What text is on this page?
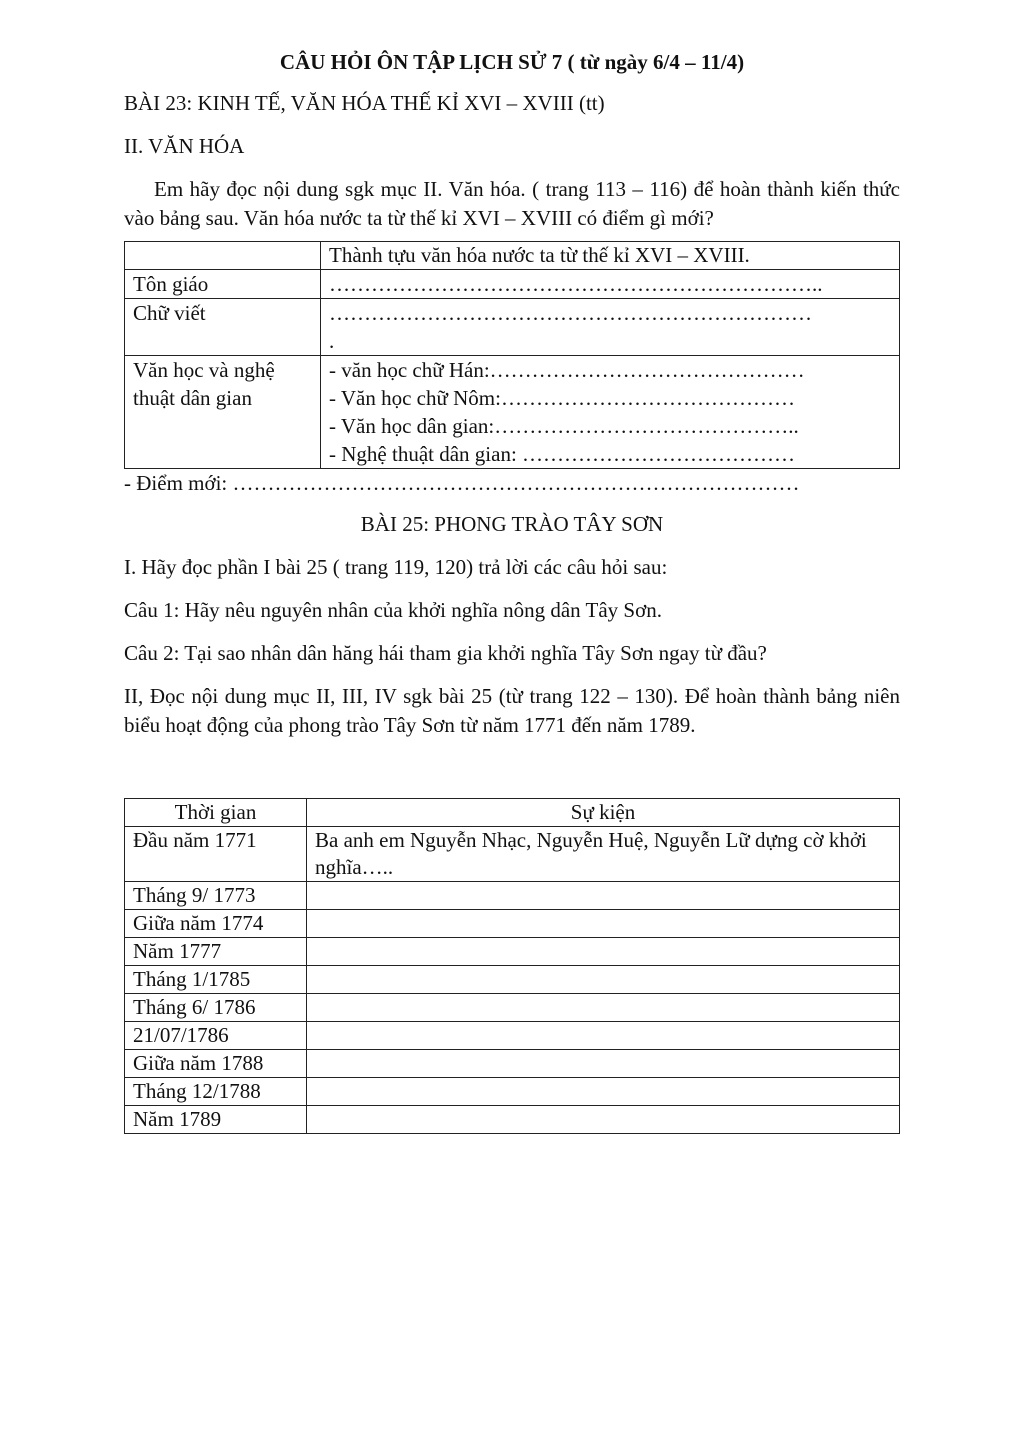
CÂU HỎI ÔN TẬP LỊCH SỬ 7 ( từ ngày 6/4 – 11/4)
BÀI 23: KINH TẾ, VĂN HÓA THẾ KỈ XVI – XVIII (tt)
II. VĂN HÓA
Em hãy đọc nội dung sgk mục II. Văn hóa. ( trang 113 – 116) để hoàn thành kiến thức vào bảng sau. Văn hóa nước ta từ thế kỉ XVI – XVIII có điểm gì mới?
	Thành tựu văn hóa nước ta từ thế kỉ XVI – XVIII.
Tôn giáo	……………………………………………………………..

Chữ viết	……………………………………………………………
.

Văn học và nghệ thuật dân gian	- văn học chữ Hán:………………………………………
- Văn học chữ Nôm:……………………………………
- Văn học dân gian:……………………………………..
- Nghệ thuật dân gian: …………………………………
- Điểm mới: ………………………………………………………………………
BÀI 25: PHONG TRÀO TÂY SƠN
I. Hãy đọc phần I bài 25 ( trang 119, 120) trả lời các câu hỏi sau:
Câu 1: Hãy nêu nguyên nhân của khởi nghĩa nông dân Tây Sơn.
Câu 2: Tại sao nhân dân hăng hái tham gia khởi nghĩa Tây Sơn ngay từ đầu?
II, Đọc nội dung mục II, III, IV sgk bài 25 (từ trang 122 – 130). Để hoàn thành bảng niên biểu hoạt động của phong trào Tây Sơn từ năm 1771 đến năm 1789.
Thời gian	Sự kiện
Đầu năm 1771	Ba anh em Nguyễn Nhạc, Nguyễn Huệ, Nguyễn Lữ dựng cờ khởi nghĩa…..
Tháng 9/ 1773	
Giữa năm 1774	
Năm 1777	
Tháng 1/1785	
Tháng 6/ 1786	
21/07/1786	
Giữa năm 1788	
Tháng 12/1788	
Năm 1789	
